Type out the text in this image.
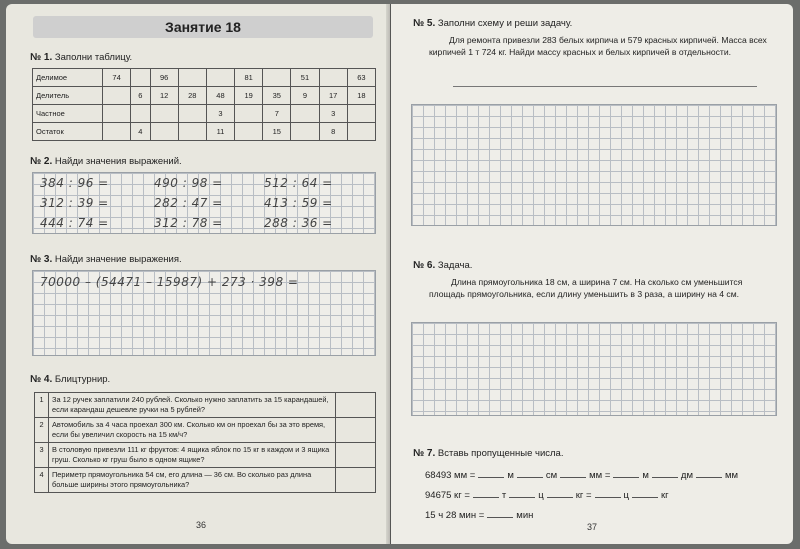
Занятие 18
№ 1. Заполни таблицу.
Делимое	74		96			81		51		63
Делитель		6	12	28	48	19	35	9	17	18
Частное					3		7		3	
Остаток		4			11		15		8	
№ 2. Найди значения выражений.
384 : 96 =	490 : 98 =	512 : 64 =
312 : 39 =	282 : 47 =	413 : 59 =
444 : 74 =	312 : 78 =	288 : 36 =
№ 3. Найди значение выражения.
70000 – (54471 – 15987) + 273 · 398 =
№ 4. Блицтурнир.
1	За 12 ручек заплатили 240 рублей. Сколько нужно заплатить за 15 карандашей, если карандаш дешевле ручки на 5 рублей?	
2	Автомобиль за 4 часа проехал 300 км. Сколько км он проехал бы за это время, если бы увеличил скорость на 15 км/ч?	
3	В столовую привезли 111 кг фруктов: 4 ящика яблок по 15 кг в каждом и 3 ящика груш. Сколько кг груш было в одном ящике?	
4	Периметр прямоугольника 54 см, его длина — 36 см. Во сколько раз длина больше ширины этого прямоугольника?	
36
№ 5. Заполни схему и реши задачу.
Для ремонта привезли 283 белых кирпича и 579 красных кирпичей. Масса всех кирпичей 1 т 724 кг. Найди массу красных и белых кирпичей в отдельности.
№ 6. Задача.
Длина прямоугольника 18 см, а ширина 7 см. На сколько см уменьшится площадь прямоугольника, если длину уменьшить в 3 раза, а ширину на 4 см.
№ 7. Вставь пропущенные числа.
68493 мм =	м	см	мм =	м	дм	мм
94675 кг =	т	ц	кг =	ц	кг
15 ч 28 мин =	мин
37
